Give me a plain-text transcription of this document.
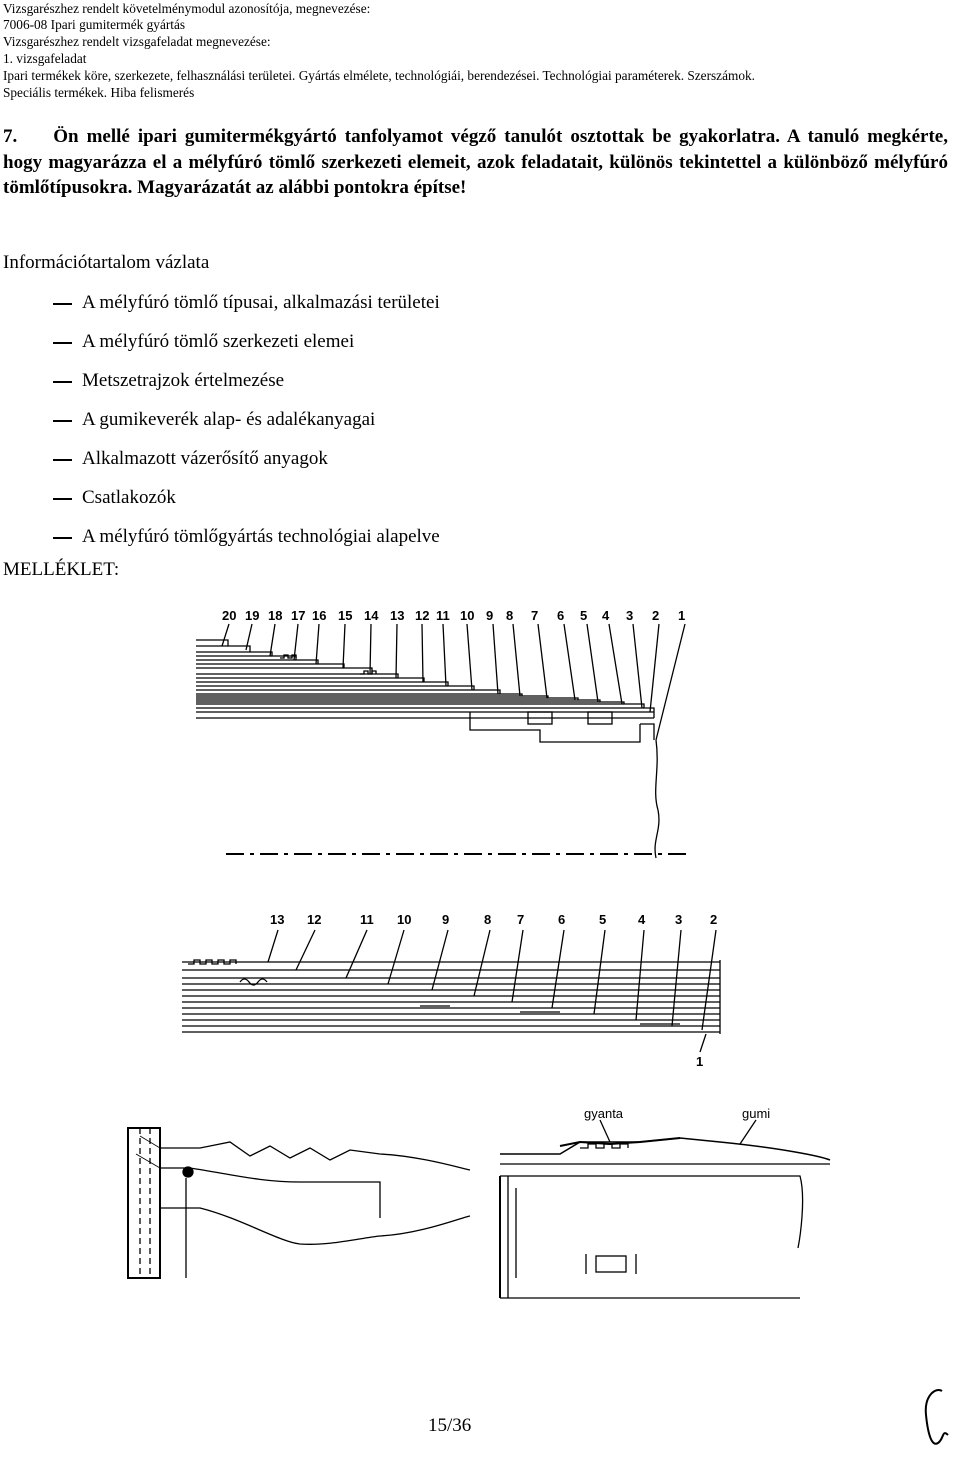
Vizsgarészhez rendelt követelménymodul azonosítója, megnevezése:
7006-08 Ipari gumitermék gyártás
Vizsgarészhez rendelt vizsgafeladat megnevezése:
1. vizsgafeladat
Ipari termékek köre, szerkezete, felhasználási területei. Gyártás elmélete, technológiái, berendezései. Technológiai paraméterek. Szerszámok.
Speciális termékek. Hiba felismerés
7. Ön mellé ipari gumitermékgyártó tanfolyamot végző tanulót osztottak be gyakorlatra. A tanuló megkérte, hogy magyarázza el a mélyfúró tömlő szerkezeti elemeit, azok feladatait, különös tekintettel a különböző mélyfúró tömlőtípusokra. Magyarázatát az alábbi pontokra építse!
Információtartalom vázlata
A mélyfúró tömlő típusai, alkalmazási területei
A mélyfúró tömlő szerkezeti elemei
Metszetrajzok értelmezése
A gumikeverék alap- és adalékanyagai
Alkalmazott vázerősítő anyagok
Csatlakozók
A mélyfúró tömlőgyártás technológiai alapelve
MELLÉKLET:
20 19 18 17 16 15 14 13 12 11 10 9 8 7 6 5 4 3 2 1
13 12	11 10 9	8 7	6	5 4 3 2
1
gyanta	gumi
15/36
